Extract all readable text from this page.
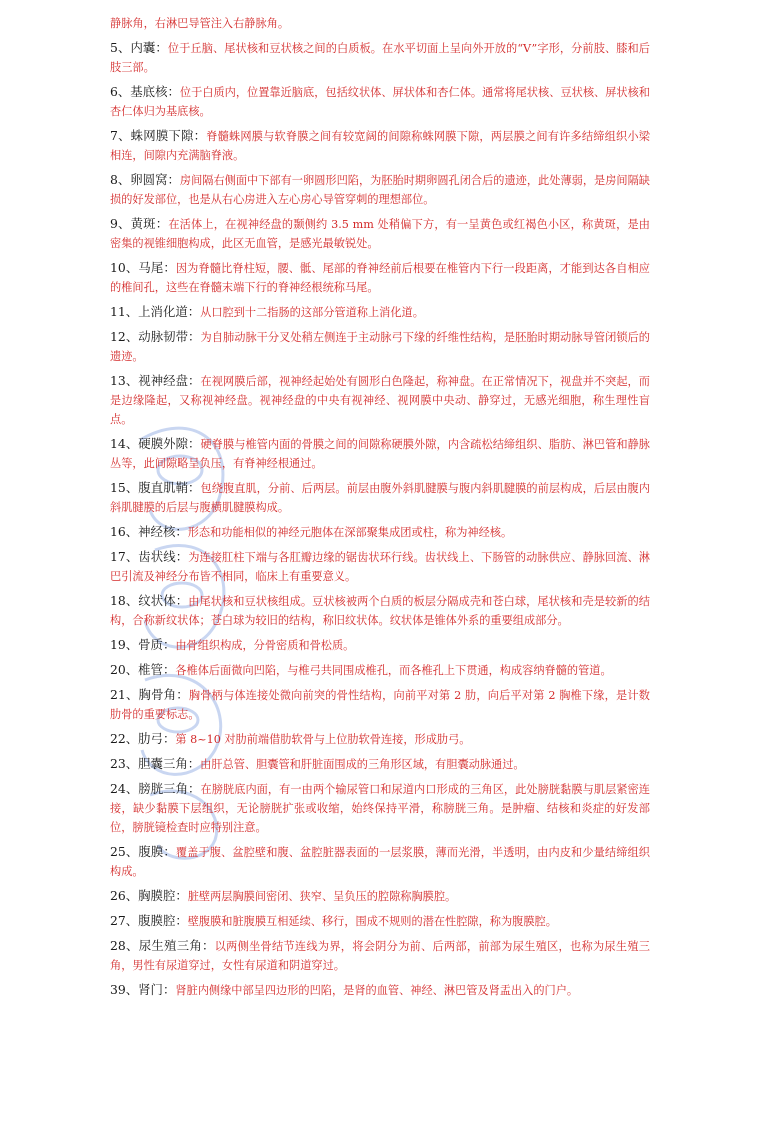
静脉角，右淋巴导管注入右静脉角。

5、内囊：位于丘脑、尾状核和豆状核之间的白质板。在水平切面上呈向外开放的“V”字形，分前肢、膝和后肢三部。

6、基底核：位于白质内，位置靠近脑底，包括纹状体、屏状体和杏仁体。通常将尾状核、豆状核、屏状核和杏仁体归为基底核。

7、蛛网膜下隙：脊髓蛛网膜与软脊膜之间有较宽阔的间隙称蛛网膜下隙，两层膜之间有许多结缔组织小梁相连，间隙内充满脑脊液。

8、卵圆窝：房间隔右侧面中下部有一卵圆形凹陷，为胚胎时期卵圆孔闭合后的遗迹，此处薄弱，是房间隔缺损的好发部位，也是从右心房进入左心房心导管穿刺的理想部位。

9、黄斑：在活体上，在视神经盘的颞侧约 3.5 mm 处稍偏下方，有一呈黄色或红褐色小区，称黄斑，是由密集的视锥细胞构成，此区无血管，是感光最敏锐处。

10、马尾：因为脊髓比脊柱短，腰、骶、尾部的脊神经前后根要在椎管内下行一段距离，才能到达各自相应的椎间孔，这些在脊髓末端下行的脊神经根统称马尾。

11、上消化道：从口腔到十二指肠的这部分管道称上消化道。

12、动脉韧带：为自肺动脉干分叉处稍左侧连于主动脉弓下缘的纤维性结构，是胚胎时期动脉导管闭锁后的遗迹。

13、视神经盘：在视网膜后部，视神经起始处有圆形白色隆起，称神盘。在正常情况下，视盘并不突起，而是边缘隆起，又称视神经盘。视神经盘的中央有视神经、视网膜中央动、静穿过，无感光细胞，称生理性盲点。

14、硬膜外隙：硬脊膜与椎管内面的骨膜之间的间隙称硬膜外隙，内含疏松结缔组织、脂肪、淋巴管和静脉丛等，此间隙略呈负压，有脊神经根通过。

15、腹直肌鞘：包绕腹直肌，分前、后两层。前层由腹外斜肌腱膜与腹内斜肌腱膜的前层构成，后层由腹内斜肌腱膜的后层与腹横肌腱膜构成。

16、神经核：形态和功能相似的神经元胞体在深部聚集成团或柱，称为神经核。

17、齿状线：为连接肛柱下端与各肛瓣边缘的锯齿状环行线。齿状线上、下肠管的动脉供应、静脉回流、淋巴引流及神经分布皆不相同，临床上有重要意义。

18、纹状体：由尾状核和豆状核组成。豆状核被两个白质的板层分隔成壳和苍白球，尾状核和壳是较新的结构，合称新纹状体；苍白球为较旧的结构，称旧纹状体。纹状体是锥体外系的重要组成部分。

19、骨质：由骨组织构成，分骨密质和骨松质。

20、椎管：各椎体后面微向凹陷，与椎弓共同围成椎孔，而各椎孔上下贯通，构成容纳脊髓的管道。

21、胸骨角：胸骨柄与体连接处微向前突的骨性结构，向前平对第 2 肋，向后平对第 2 胸椎下缘，是计数肋骨的重要标志。

22、肋弓：第 8~10 对肋前端借肋软骨与上位肋软骨连接，形成肋弓。

23、胆囊三角：由肝总管、胆囊管和肝脏面围成的三角形区域，有胆囊动脉通过。

24、膀胱三角：在膀胱底内面，有一由两个输尿管口和尿道内口形成的三角区，此处膀胱黏膜与肌层紧密连接，缺少黏膜下层组织，无论膀胱扩张或收缩，始终保持平滑，称膀胱三角。是肿瘤、结核和炎症的好发部位，膀胱镜检查时应特别注意。

25、腹膜：覆盖于腹、盆腔壁和腹、盆腔脏器表面的一层浆膜，薄而光滑，半透明，由内皮和少量结缔组织构成。

26、胸膜腔：脏壁两层胸膜间密闭、狭窄、呈负压的腔隙称胸膜腔。

27、腹膜腔：壁腹膜和脏腹膜互相延续、移行，围成不规则的潜在性腔隙，称为腹膜腔。

28、尿生殖三角：以两侧坐骨结节连线为界，将会阴分为前、后两部，前部为尿生殖区，也称为尿生殖三角，男性有尿道穿过，女性有尿道和阴道穿过。

39、肾门：肾脏内侧缘中部呈四边形的凹陷，是肾的血管、神经、淋巴管及肾盂出入的门户。
